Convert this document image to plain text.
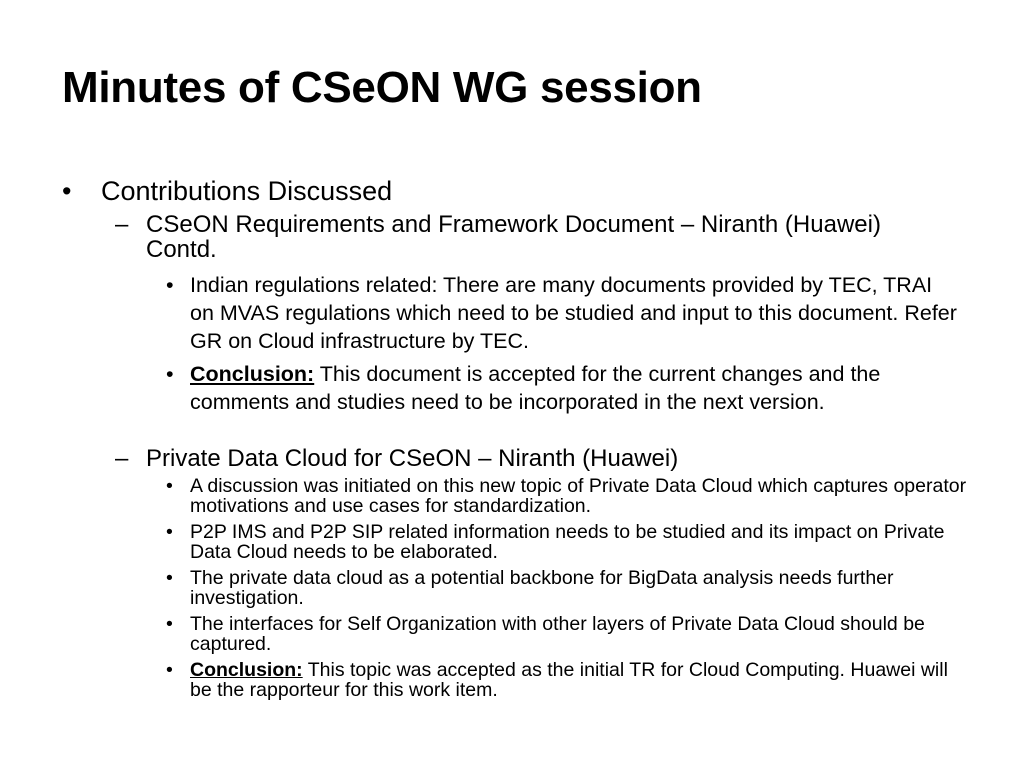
Minutes of CSeON WG session
• Contributions Discussed
– CSeON Requirements and Framework Document – Niranth (Huawei) Contd.
• Indian regulations related: There are many documents provided by TEC, TRAI on MVAS regulations which need to be studied and input to this document. Refer GR on Cloud infrastructure by TEC.
• Conclusion: This document is accepted for the current changes and the comments and studies need to be incorporated in the next version.
– Private Data Cloud for CSeON – Niranth (Huawei)
• A discussion was initiated on this new topic of Private Data Cloud which captures operator motivations and use cases for standardization.
• P2P IMS and P2P SIP related information needs to be studied and its impact on Private Data Cloud needs to be elaborated.
• The private data cloud as a potential backbone for BigData analysis needs further investigation.
• The interfaces for Self Organization with other layers of Private Data Cloud should be captured.
• Conclusion: This topic was accepted as the initial TR for Cloud Computing. Huawei will be the rapporteur for this work item.
